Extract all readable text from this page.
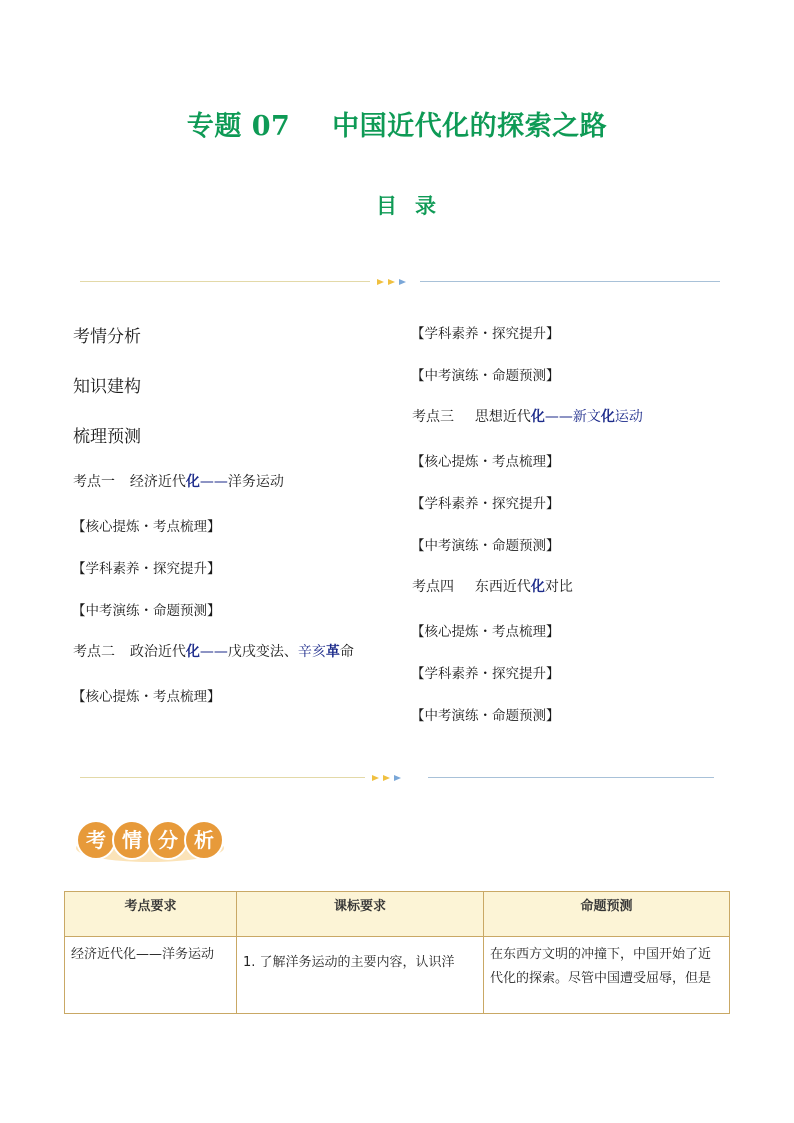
专题 07 中国近代化的探索之路
目录
考情分析
知识建构
梳理预测
考点一 经济近代化——洋务运动
【核心提炼・考点梳理】
【学科素养・探究提升】
【中考演练・命题预测】
考点二 政治近代化——戊戌变法、辛亥革命
【核心提炼・考点梳理】
【学科素养・探究提升】
【中考演练・命题预测】
考点三 思想近代化——新文化运动
【核心提炼・考点梳理】
【学科素养・探究提升】
【中考演练・命题预测】
考点四 东西近代化对比
【核心提炼・考点梳理】
【学科素养・探究提升】
【中考演练・命题预测】
考 情 分 析
考点要求	课标要求	命题预测
经济近代化——洋务运动	1. 了解洋务运动的主要内容，认识洋	在东西方文明的冲撞下，中国开始了近代化的探索。尽管中国遭受屈辱，但是
